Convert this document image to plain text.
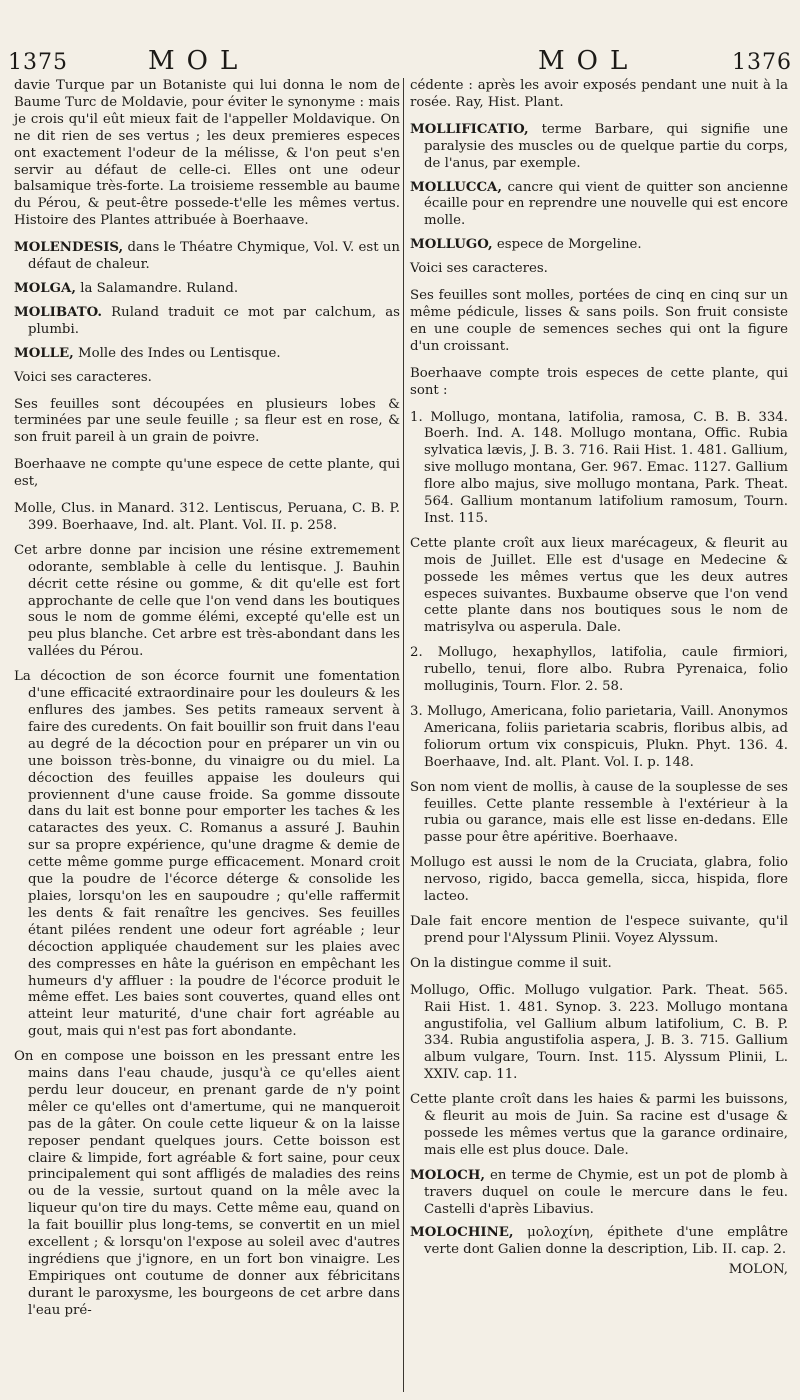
1375	MOL	MOL	1376

davie Turque par un Botaniste qui lui donna le nom de Baume Turc de Moldavie, pour éviter le synonyme : mais je crois qu'il eût mieux fait de l'appeller Moldavique. On ne dit rien de ses vertus ; les deux premieres especes ont exactement l'odeur de la mélisse, & l'on peut s'en servir au défaut de celle-ci. Elles ont une odeur balsamique très-forte. La troisieme ressemble au baume du Pérou, & peut-être possede-t'elle les mêmes vertus. Histoire des Plantes attribuée à Boerhaave.

MOLENDESIS, dans le Théatre Chymique, Vol. V. est un défaut de chaleur.

MOLGA, la Salamandre. Ruland.

MOLIBATO. Ruland traduit ce mot par calchum, as plumbi.

MOLLE, Molle des Indes ou Lentisque.

Voici ses caracteres.

Ses feuilles sont découpées en plusieurs lobes & terminées par une seule feuille ; sa fleur est en rose, & son fruit pareil à un grain de poivre.

Boerhaave ne compte qu'une espece de cette plante, qui est,

Molle, Clus. in Manard. 312. Lentiscus, Peruana, C. B. P. 399. Boerhaave, Ind. alt. Plant. Vol. II. p. 258.

Cet arbre donne par incision une résine extremement odorante, semblable à celle du lentisque. J. Bauhin décrit cette résine ou gomme, & dit qu'elle est fort approchante de celle que l'on vend dans les boutiques sous le nom de gomme élémi, excepté qu'elle est un peu plus blanche. Cet arbre est très-abondant dans les vallées du Pérou.

La décoction de son écorce fournit une fomentation d'une efficacité extraordinaire pour les douleurs & les enflures des jambes. Ses petits rameaux servent à faire des curedents. On fait bouillir son fruit dans l'eau au degré de la décoction pour en préparer un vin ou une boisson très-bonne, du vinaigre ou du miel. La décoction des feuilles appaise les douleurs qui proviennent d'une cause froide. Sa gomme dissoute dans du lait est bonne pour emporter les taches & les cataractes des yeux. C. Romanus a assuré J. Bauhin sur sa propre expérience, qu'une dragme & demie de cette même gomme purge efficacement. Monard croit que la poudre de l'écorce déterge & consolide les plaies, lorsqu'on les en saupoudre ; qu'elle raffermit les dents & fait renaître les gencives. Ses feuilles étant pilées rendent une odeur fort agréable ; leur décoction appliquée chaudement sur les plaies avec des compresses en hâte la guérison en empêchant les humeurs d'y affluer : la poudre de l'écorce produit le même effet. Les baies sont couvertes, quand elles ont atteint leur maturité, d'une chair fort agréable au gout, mais qui n'est pas fort abondante.

On en compose une boisson en les pressant entre les mains dans l'eau chaude, jusqu'à ce qu'elles aient perdu leur douceur, en prenant garde de n'y point mêler ce qu'elles ont d'amertume, qui ne manqueroit pas de la gâter. On coule cette liqueur & on la laisse reposer pendant quelques jours. Cette boisson est claire & limpide, fort agréable & fort saine, pour ceux principalement qui sont affligés de maladies des reins ou de la vessie, surtout quand on la mêle avec la liqueur qu'on tire du mays. Cette même eau, quand on la fait bouillir plus long-tems, se convertit en un miel excellent ; & lorsqu'on l'expose au soleil avec d'autres ingrédiens que j'ignore, en un fort bon vinaigre. Les Empiriques ont coutume de donner aux fébricitans durant le paroxysme, les bourgeons de cet arbre dans l'eau pré-

cédente : après les avoir exposés pendant une nuit à la rosée. Ray, Hist. Plant.

MOLLIFICATIO, terme Barbare, qui signifie une paralysie des muscles ou de quelque partie du corps, de l'anus, par exemple.

MOLLUCCA, cancre qui vient de quitter son ancienne écaille pour en reprendre une nouvelle qui est encore molle.

MOLLUGO, espece de Morgeline.

Voici ses caracteres.

Ses feuilles sont molles, portées de cinq en cinq sur un même pédicule, lisses & sans poils. Son fruit consiste en une couple de semences seches qui ont la figure d'un croissant.

Boerhaave compte trois especes de cette plante, qui sont :

1. Mollugo, montana, latifolia, ramosa, C. B. B. 334. Boerh. Ind. A. 148. Mollugo montana, Offic. Rubia sylvatica lævis, J. B. 3. 716. Raii Hist. 1. 481. Gallium, sive mollugo montana, Ger. 967. Emac. 1127. Gallium flore albo majus, sive mollugo montana, Park. Theat. 564. Gallium montanum latifolium ramosum, Tourn. Inst. 115.

Cette plante croît aux lieux marécageux, & fleurit au mois de Juillet. Elle est d'usage en Medecine & possede les mêmes vertus que les deux autres especes suivantes. Buxbaume observe que l'on vend cette plante dans nos boutiques sous le nom de matrisylva ou asperula. Dale.

2. Mollugo, hexaphyllos, latifolia, caule firmiori, rubello, tenui, flore albo. Rubra Pyrenaica, folio molluginis, Tourn. Flor. 2. 58.

3. Mollugo, Americana, folio parietaria, Vaill. Anonymos Americana, foliis parietaria scabris, floribus albis, ad foliorum ortum vix conspicuis, Plukn. Phyt. 136. 4. Boerhaave, Ind. alt. Plant. Vol. I. p. 148.

Son nom vient de mollis, à cause de la souplesse de ses feuilles. Cette plante ressemble à l'extérieur à la rubia ou garance, mais elle est lisse en-dedans. Elle passe pour être apéritive. Boerhaave.

Mollugo est aussi le nom de la Cruciata, glabra, folio nervoso, rigido, bacca gemella, sicca, hispida, flore lacteo.

Dale fait encore mention de l'espece suivante, qu'il prend pour l'Alyssum Plinii. Voyez Alyssum.

On la distingue comme il suit.

Mollugo, Offic. Mollugo vulgatior. Park. Theat. 565. Raii Hist. 1. 481. Synop. 3. 223. Mollugo montana angustifolia, vel Gallium album latifolium, C. B. P. 334. Rubia angustifolia aspera, J. B. 3. 715. Gallium album vulgare, Tourn. Inst. 115. Alyssum Plinii, L. XXIV. cap. 11.

Cette plante croît dans les haies & parmi les buissons, & fleurit au mois de Juin. Sa racine est d'usage & possede les mêmes vertus que la garance ordinaire, mais elle est plus douce. Dale.

MOLOCH, en terme de Chymie, est un pot de plomb à travers duquel on coule le mercure dans le feu. Castelli d'après Libavius.

MOLOCHINE, μολοχίνη, épithete d'une emplâtre verte dont Galien donne la description, Lib. II. cap. 2.

MOLON,
